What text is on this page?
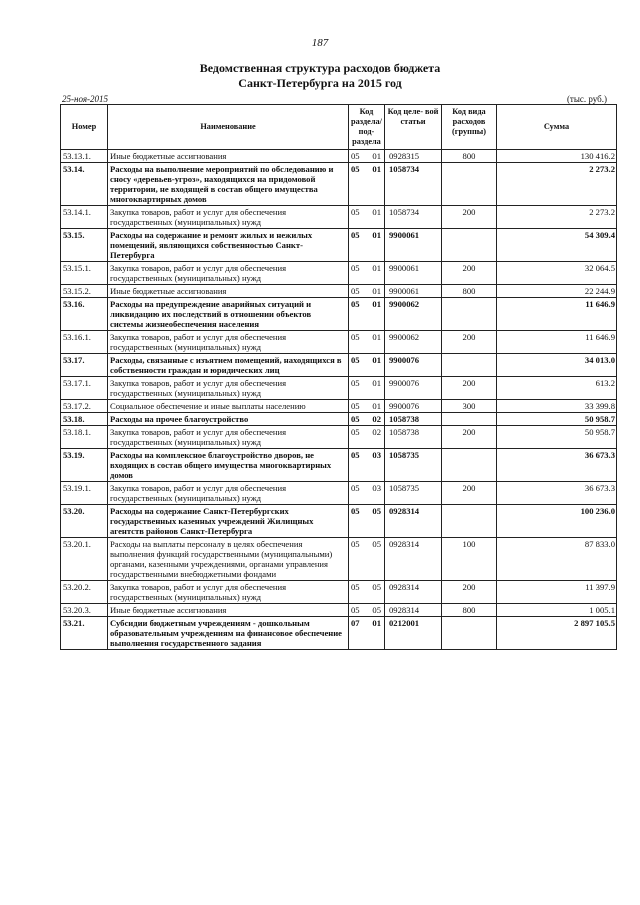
187
Ведомственная структура расходов бюджета
Санкт-Петербурга на 2015 год
25-ноя-2015	(тыс. руб.)
Номер	Наименование	Код раздела/ под- раздела		Код целе- вой статьи	Код вида расходов (группы)	Сумма
53.13.1.	Иные бюджетные ассигнования	05	01	0928315	800	130 416.2
53.14.	Расходы на выполнение мероприятий по обследованию и сносу «деревьев-угроз», находящихся на придомовой территории, не входящей в состав общего имущества многоквартирных домов	05	01	1058734		2 273.2
53.14.1.	Закупка товаров, работ и услуг для обеспечения государственных (муниципальных) нужд	05	01	1058734	200	2 273.2
53.15.	Расходы на содержание и ремонт жилых и нежилых помещений, являющихся собственностью Санкт-Петербурга	05	01	9900061		54 309.4
53.15.1.	Закупка товаров, работ и услуг для обеспечения государственных (муниципальных) нужд	05	01	9900061	200	32 064.5
53.15.2.	Иные бюджетные ассигнования	05	01	9900061	800	22 244.9
53.16.	Расходы на предупреждение аварийных ситуаций и ликвидацию их последствий в отношении объектов системы жизнеобеспечения населения	05	01	9900062		11 646.9
53.16.1.	Закупка товаров, работ и услуг для обеспечения государственных (муниципальных) нужд	05	01	9900062	200	11 646.9
53.17.	Расходы, связанные с изъятием помещений, находящихся в собственности граждан и юридических лиц	05	01	9900076		34 013.0
53.17.1.	Закупка товаров, работ и услуг для обеспечения государственных (муниципальных) нужд	05	01	9900076	200	613.2
53.17.2.	Социальное обеспечение и иные выплаты населению	05	01	9900076	300	33 399.8
53.18.	Расходы на прочее благоустройство	05	02	1058738		50 958.7
53.18.1.	Закупка товаров, работ и услуг для обеспечения государственных (муниципальных) нужд	05	02	1058738	200	50 958.7
53.19.	Расходы на комплексное благоустройство дворов, не входящих в состав общего имущества многоквартирных домов	05	03	1058735		36 673.3
53.19.1.	Закупка товаров, работ и услуг для обеспечения государственных (муниципальных) нужд	05	03	1058735	200	36 673.3
53.20.	Расходы на содержание Санкт-Петербургских государственных казенных учреждений Жилищных агентств районов Санкт-Петербурга	05	05	0928314		100 236.0
53.20.1.	Расходы на выплаты персоналу в целях обеспечения выполнения функций государственными (муниципальными) органами, казенными учреждениями, органами управления государственными внебюджетными фондами	05	05	0928314	100	87 833.0
53.20.2.	Закупка товаров, работ и услуг для обеспечения государственных (муниципальных) нужд	05	05	0928314	200	11 397.9
53.20.3.	Иные бюджетные ассигнования	05	05	0928314	800	1 005.1
53.21.	Субсидии бюджетным учреждениям - дошкольным образовательным учреждениям на финансовое обеспечение выполнения государственного задания	07	01	0212001		2 897 105.5
